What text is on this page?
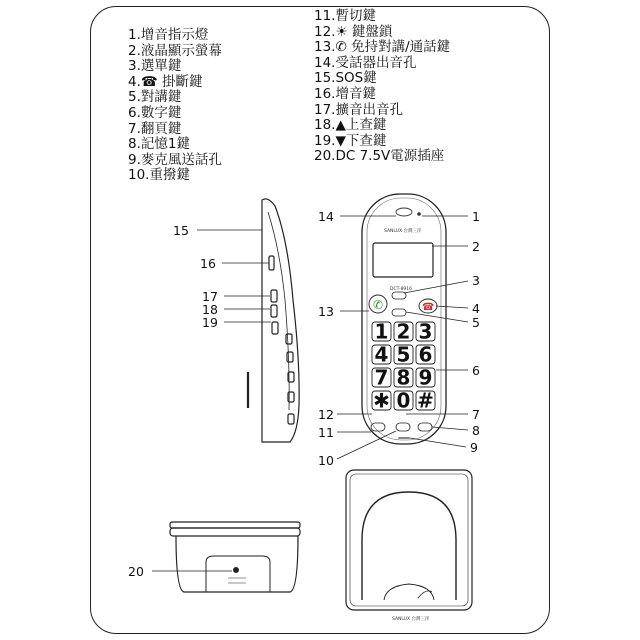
1.增音指示燈
2.液晶顯示螢幕
3.選單鍵
4.☎ 掛斷鍵
5.對講鍵
6.數字鍵
7.翻頁鍵
8.記憶1鍵
9.麥克風送話孔
10.重撥鍵
11.暫切鍵
12.☀ 鍵盤鎖
13.✆ 免持對講/通話鍵
14.受話器出音孔
15.SOS鍵
16.增音鍵
17.擴音出音孔
18.▲上查鍵
19.▼下查鍵
20.DC 7.5V電源插座
SANLUX 台灣三洋
DCT-8916
✆	☎
1 2 3
4 5 6
7 8 9
✱ 0 #
SANLUX 台灣三洋
15
16
17
18
19
14	1
2
3
4
5
6
13
12	7
8
9
11
10
20
